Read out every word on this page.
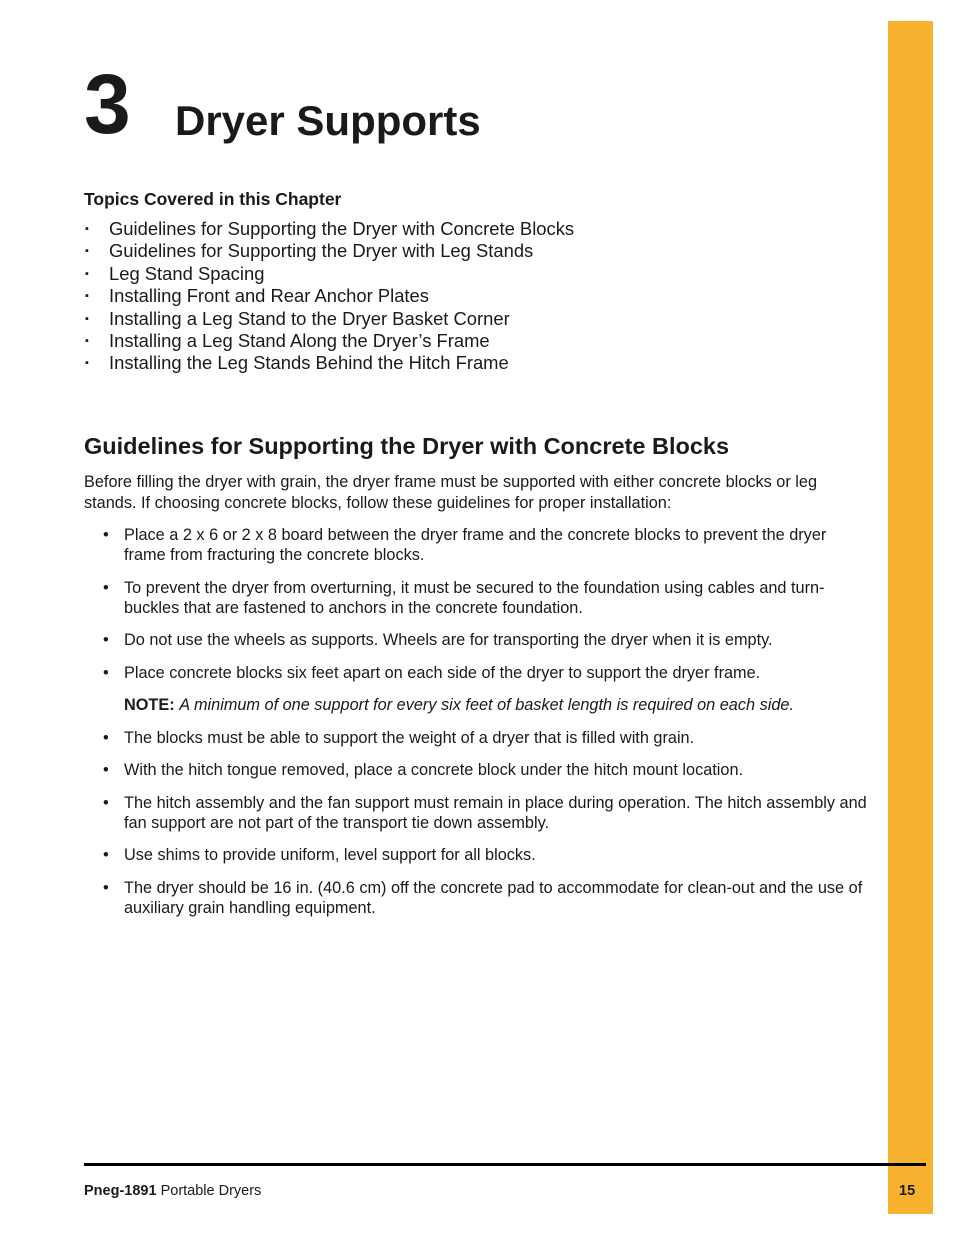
3 Dryer Supports
Topics Covered in this Chapter
▪ Guidelines for Supporting the Dryer with Concrete Blocks
▪ Guidelines for Supporting the Dryer with Leg Stands
▪ Leg Stand Spacing
▪ Installing Front and Rear Anchor Plates
▪ Installing a Leg Stand to the Dryer Basket Corner
▪ Installing a Leg Stand Along the Dryer’s Frame
▪ Installing the Leg Stands Behind the Hitch Frame
Guidelines for Supporting the Dryer with Concrete Blocks

Before filling the dryer with grain, the dryer frame must be supported with either concrete blocks or leg stands. If choosing concrete blocks, follow these guidelines for proper installation:

• Place a 2 x 6 or 2 x 8 board between the dryer frame and the concrete blocks to prevent the dryer frame from fracturing the concrete blocks.
• To prevent the dryer from overturning, it must be secured to the foundation using cables and turn-buckles that are fastened to anchors in the concrete foundation.
• Do not use the wheels as supports. Wheels are for transporting the dryer when it is empty.
• Place concrete blocks six feet apart on each side of the dryer to support the dryer frame.
NOTE: A minimum of one support for every six feet of basket length is required on each side.
• The blocks must be able to support the weight of a dryer that is filled with grain.
• With the hitch tongue removed, place a concrete block under the hitch mount location.
• The hitch assembly and the fan support must remain in place during operation. The hitch assembly and fan support are not part of the transport tie down assembly.
• Use shims to provide uniform, level support for all blocks.
• The dryer should be 16 in. (40.6 cm) off the concrete pad to accommodate for clean-out and the use of auxiliary grain handling equipment.
Pneg-1891 Portable Dryers	15
